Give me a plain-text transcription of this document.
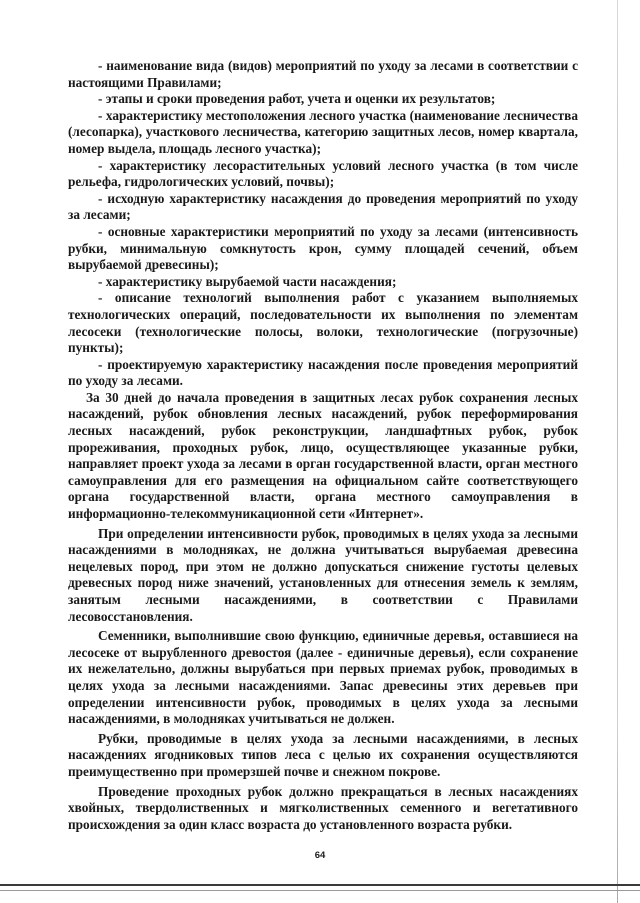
- наименование вида (видов) мероприятий по уходу за лесами в соответствии с настоящими Правилами;

- этапы и сроки проведения работ, учета и оценки их результатов;

- характеристику местоположения лесного участка (наименование лесничества (лесопарка), участкового лесничества, категорию защитных лесов, номер квартала, номер выдела, площадь лесного участка);

- характеристику лесорастительных условий лесного участка (в том числе рельефа, гидрологических условий, почвы);

- исходную характеристику насаждения до проведения мероприятий по уходу за лесами;

- основные характеристики мероприятий по уходу за лесами (интенсивность рубки, минимальную сомкнутость крон, сумму площадей сечений, объем вырубаемой древесины);

- характеристику вырубаемой части насаждения;

- описание технологий выполнения работ с указанием выполняемых технологических операций, последовательности их выполнения по элементам лесосеки (технологические полосы, волоки, технологические (погрузочные) пункты);

- проектируемую характеристику насаждения после проведения мероприятий по уходу за лесами.

За 30 дней до начала проведения в защитных лесах рубок сохранения лесных насаждений, рубок обновления лесных насаждений, рубок переформирования лесных насаждений, рубок реконструкции, ландшафтных рубок, рубок прореживания, проходных рубок, лицо, осуществляющее указанные рубки, направляет проект ухода за лесами в орган государственной власти, орган местного самоуправления для его размещения на официальном сайте соответствующего органа государственной власти, органа местного самоуправления в информационно-телекоммуникационной сети «Интернет».

При определении интенсивности рубок, проводимых в целях ухода за лесными насаждениями в молодняках, не должна учитываться вырубаемая древесина нецелевых пород, при этом не должно допускаться снижение густоты целевых древесных пород ниже значений, установленных для отнесения земель к землям, занятым лесными насаждениями, в соответствии с Правилами лесовосстановления.

Семенники, выполнившие свою функцию, единичные деревья, оставшиеся на лесосеке от вырубленного древостоя (далее - единичные деревья), если сохранение их нежелательно, должны вырубаться при первых приемах рубок, проводимых в целях ухода за лесными насаждениями. Запас древесины этих деревьев при определении интенсивности рубок, проводимых в целях ухода за лесными насаждениями, в молодняках учитываться не должен.

Рубки, проводимые в целях ухода за лесными насаждениями, в лесных насаждениях ягодниковых типов леса с целью их сохранения осуществляются преимущественно при промерзшей почве и снежном покрове.

Проведение проходных рубок должно прекращаться в лесных насаждениях хвойных, твердолиственных и мягколиственных семенного и вегетативного происхождения за один класс возраста до установленного возраста рубки.

64
